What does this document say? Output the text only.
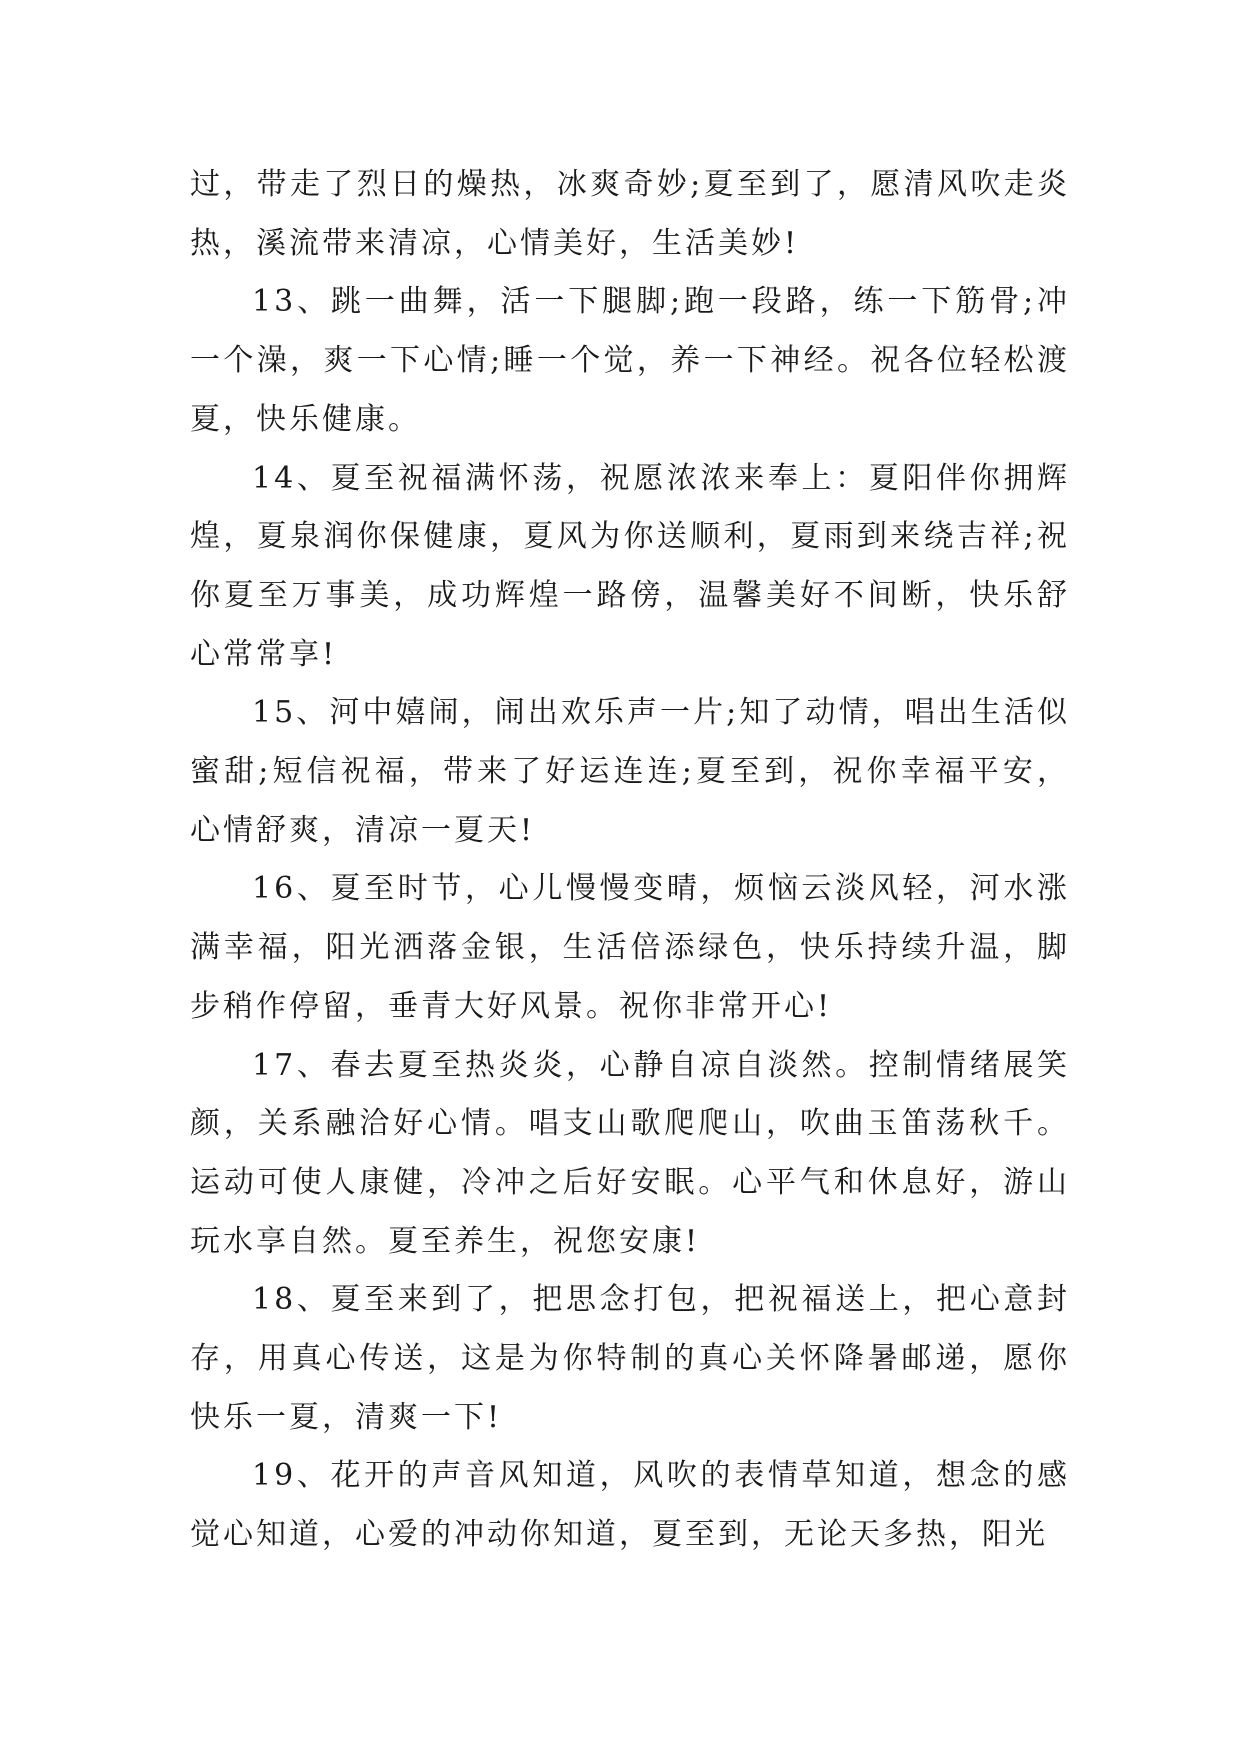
过，带走了烈日的燥热，冰爽奇妙;夏至到了，愿清风吹走炎热，溪流带来清凉，心情美好，生活美妙!

13、跳一曲舞，活一下腿脚;跑一段路，练一下筋骨;冲一个澡，爽一下心情;睡一个觉，养一下神经。祝各位轻松渡夏，快乐健康。

14、夏至祝福满怀荡，祝愿浓浓来奉上：夏阳伴你拥辉煌，夏泉润你保健康，夏风为你送顺利，夏雨到来绕吉祥;祝你夏至万事美，成功辉煌一路傍，温馨美好不间断，快乐舒心常常享!

15、河中嬉闹，闹出欢乐声一片;知了动情，唱出生活似蜜甜;短信祝福，带来了好运连连;夏至到，祝你幸福平安，心情舒爽，清凉一夏天!

16、夏至时节，心儿慢慢变晴，烦恼云淡风轻，河水涨满幸福，阳光洒落金银，生活倍添绿色，快乐持续升温，脚步稍作停留，垂青大好风景。祝你非常开心!

17、春去夏至热炎炎，心静自凉自淡然。控制情绪展笑颜，关系融洽好心情。唱支山歌爬爬山，吹曲玉笛荡秋千。运动可使人康健，冷冲之后好安眠。心平气和休息好，游山玩水享自然。夏至养生，祝您安康!

18、夏至来到了，把思念打包，把祝福送上，把心意封存，用真心传送，这是为你特制的真心关怀降暑邮递，愿你快乐一夏，清爽一下!

19、花开的声音风知道，风吹的表情草知道，想念的感觉心知道，心爱的冲动你知道，夏至到，无论天多热，阳光
